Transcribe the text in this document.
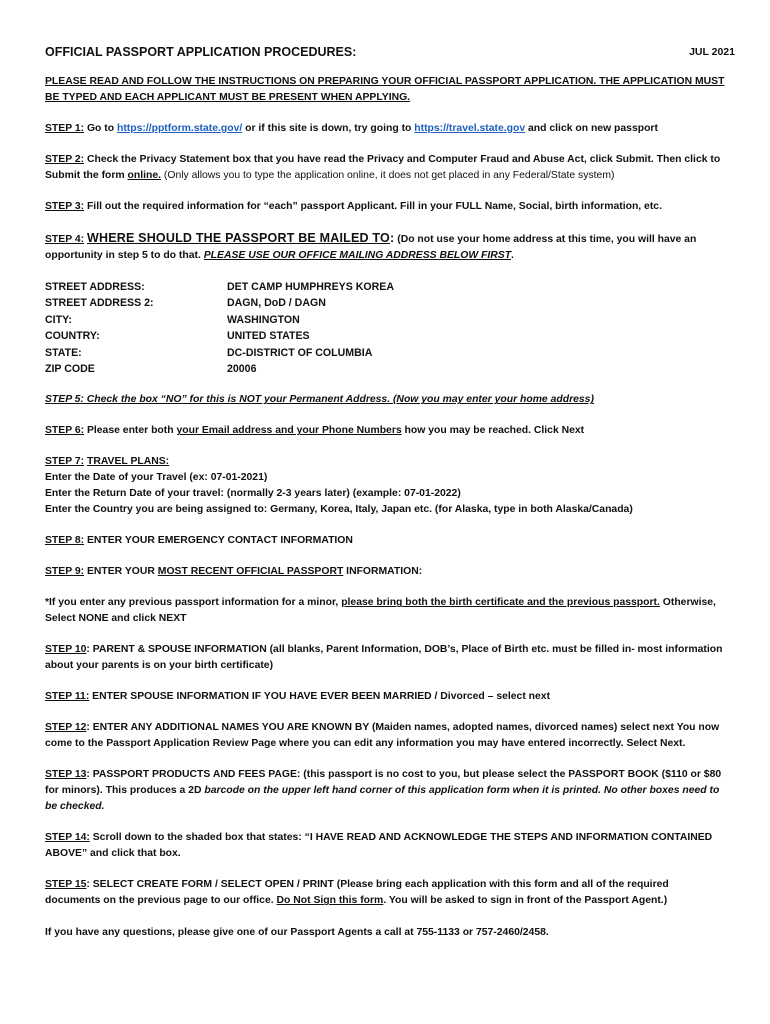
OFFICIAL PASSPORT APPLICATION PROCEDURES:	JUL 2021

PLEASE READ AND FOLLOW THE INSTRUCTIONS ON PREPARING YOUR OFFICIAL PASSPORT APPLICATION. THE APPLICATION MUST BE TYPED AND EACH APPLICANT MUST BE PRESENT WHEN APPLYING.

STEP 1: Go to https://pptform.state.gov/ or if this site is down, try going to https://travel.state.gov and click on new passport

STEP 2: Check the Privacy Statement box that you have read the Privacy and Computer Fraud and Abuse Act, click Submit. Then click to Submit the form online. (Only allows you to type the application online, it does not get placed in any Federal/State system)

STEP 3: Fill out the required information for “each” passport Applicant. Fill in your FULL Name, Social, birth information, etc.

STEP 4: WHERE SHOULD THE PASSPORT BE MAILED TO: (Do not use your home address at this time, you will have an opportunity in step 5 to do that. PLEASE USE OUR OFFICE MAILING ADDRESS BELOW FIRST.

STREET ADDRESS:	DET CAMP HUMPHREYS KOREA
STREET ADDRESS 2:	DAGN, DoD / DAGN
CITY:	WASHINGTON
COUNTRY:	UNITED STATES
STATE:	DC-DISTRICT OF COLUMBIA
ZIP CODE	20006

STEP 5: Check the box “NO” for this is NOT your Permanent Address. (Now you may enter your home address)

STEP 6: Please enter both your Email address and your Phone Numbers how you may be reached. Click Next

STEP 7: TRAVEL PLANS:
Enter the Date of your Travel (ex: 07-01-2021)
Enter the Return Date of your travel: (normally 2-3 years later) (example: 07-01-2022)
Enter the Country you are being assigned to: Germany, Korea, Italy, Japan etc. (for Alaska, type in both Alaska/Canada)

STEP 8: ENTER YOUR EMERGENCY CONTACT INFORMATION

STEP 9: ENTER YOUR MOST RECENT OFFICIAL PASSPORT INFORMATION:

*If you enter any previous passport information for a minor, please bring both the birth certificate and the previous passport. Otherwise, Select NONE and click NEXT

STEP 10: PARENT & SPOUSE INFORMATION (all blanks, Parent Information, DOB’s, Place of Birth etc. must be filled in- most information about your parents is on your birth certificate)

STEP 11: ENTER SPOUSE INFORMATION IF YOU HAVE EVER BEEN MARRIED / Divorced – select next

STEP 12: ENTER ANY ADDITIONAL NAMES YOU ARE KNOWN BY (Maiden names, adopted names, divorced names) select next You now come to the Passport Application Review Page where you can edit any information you may have entered incorrectly. Select Next.

STEP 13: PASSPORT PRODUCTS AND FEES PAGE: (this passport is no cost to you, but please select the PASSPORT BOOK ($110 or $80 for minors). This produces a 2D barcode on the upper left hand corner of this application form when it is printed. No other boxes need to be checked.

STEP 14: Scroll down to the shaded box that states: “I HAVE READ AND ACKNOWLEDGE THE STEPS AND INFORMATION CONTAINED ABOVE” and click that box.

STEP 15: SELECT CREATE FORM / SELECT OPEN / PRINT (Please bring each application with this form and all of the required documents on the previous page to our office. Do Not Sign this form. You will be asked to sign in front of the Passport Agent.)

If you have any questions, please give one of our Passport Agents a call at 755-1133 or 757-2460/2458.
